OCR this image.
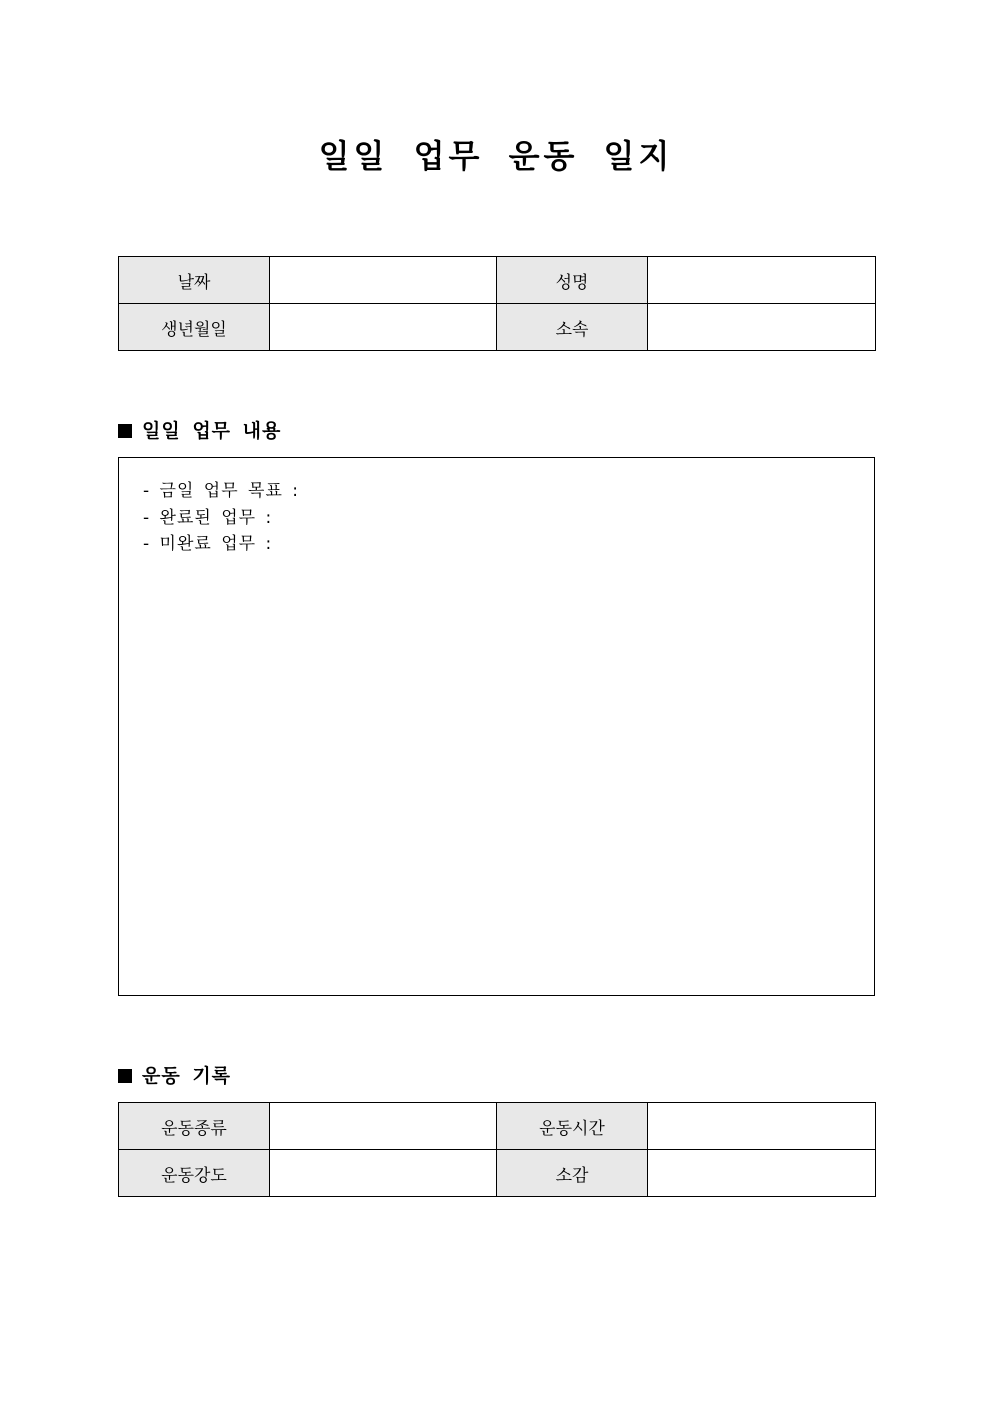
일일 업무 운동 일지
날짜		성명	
생년월일		소속	
일일 업무 내용
- 금일 업무 목표 :
- 완료된 업무 :
- 미완료 업무 :
운동 기록
운동종류		운동시간	
운동강도		소감	
